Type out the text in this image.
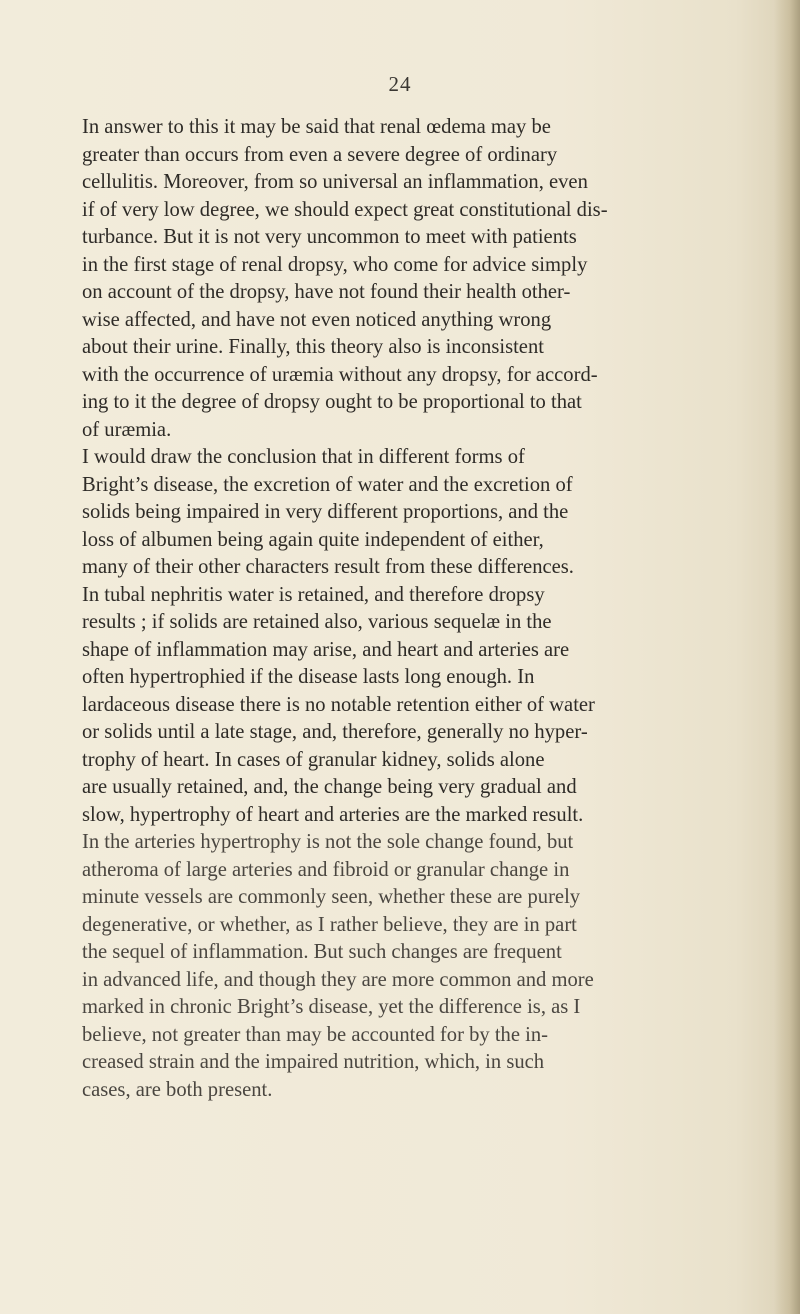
24
In answer to this it may be said that renal œdema may be
greater than occurs from even a severe degree of ordinary
cellulitis. Moreover, from so universal an inflammation, even
if of very low degree, we should expect great constitutional dis-
turbance. But it is not very uncommon to meet with patients
in the first stage of renal dropsy, who come for advice simply
on account of the dropsy, have not found their health other-
wise affected, and have not even noticed anything wrong
about their urine. Finally, this theory also is inconsistent
with the occurrence of uræmia without any dropsy, for accord-
ing to it the degree of dropsy ought to be proportional to that
of uræmia.
I would draw the conclusion that in different forms of
Bright’s disease, the excretion of water and the excretion of
solids being impaired in very different proportions, and the
loss of albumen being again quite independent of either,
many of their other characters result from these differences.
In tubal nephritis water is retained, and therefore dropsy
results ; if solids are retained also, various sequelæ in the
shape of inflammation may arise, and heart and arteries are
often hypertrophied if the disease lasts long enough. In
lardaceous disease there is no notable retention either of water
or solids until a late stage, and, therefore, generally no hyper-
trophy of heart. In cases of granular kidney, solids alone
are usually retained, and, the change being very gradual and
slow, hypertrophy of heart and arteries are the marked result.
In the arteries hypertrophy is not the sole change found, but
atheroma of large arteries and fibroid or granular change in
minute vessels are commonly seen, whether these are purely
degenerative, or whether, as I rather believe, they are in part
the sequel of inflammation. But such changes are frequent
in advanced life, and though they are more common and more
marked in chronic Bright’s disease, yet the difference is, as I
believe, not greater than may be accounted for by the in-
creased strain and the impaired nutrition, which, in such
cases, are both present.
